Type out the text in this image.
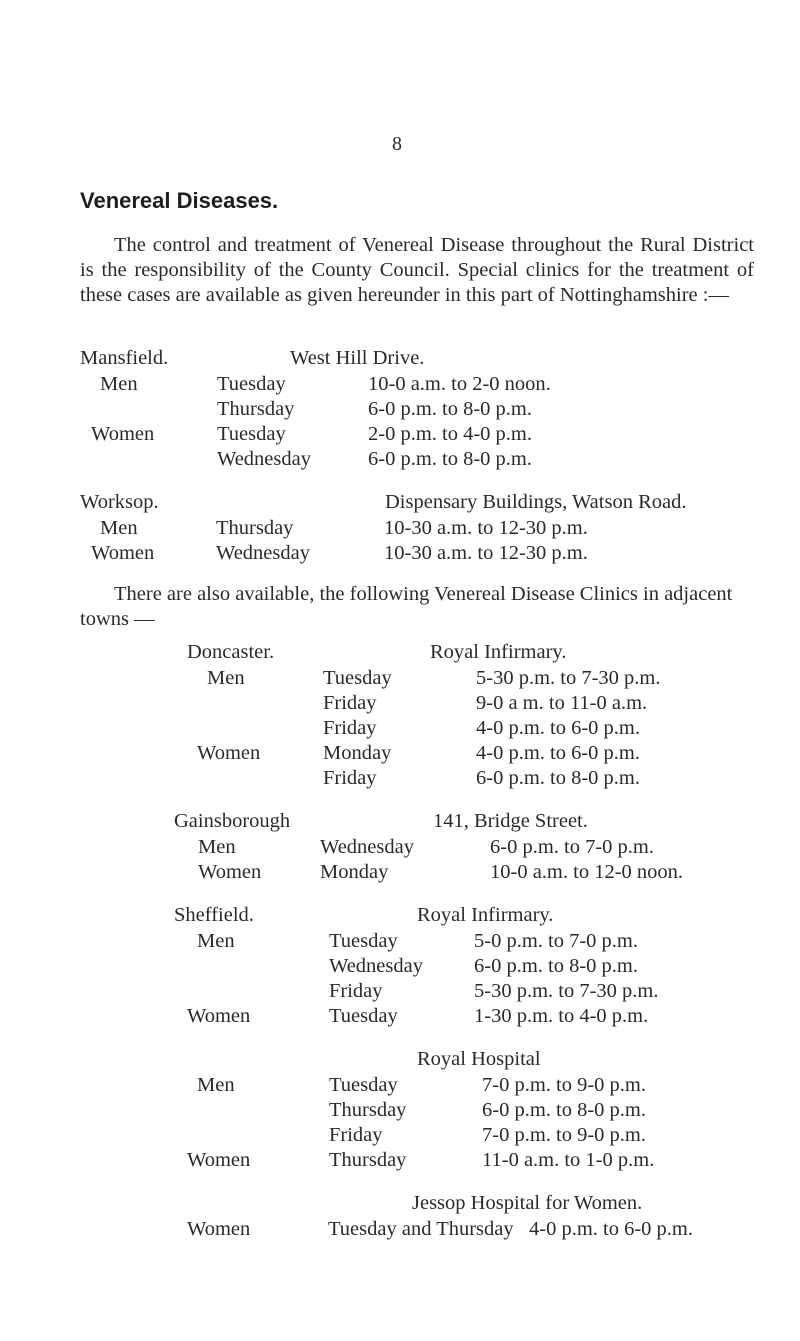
8
Venereal Diseases.
The control and treatment of Venereal Disease throughout the Rural District is the responsibility of the County Council. Special clinics for the treatment of these cases are available as given hereunder in this part of Nottinghamshire :—
Mansfield.	West Hill Drive.
Men	Tuesday	10-0 a.m. to 2-0 noon.
Thursday	6-0 p.m. to 8-0 p.m.
Women	Tuesday	2-0 p.m. to 4-0 p.m.
Wednesday	6-0 p.m. to 8-0 p.m.
Worksop.	Dispensary Buildings, Watson Road.
Men	Thursday	10-30 a.m. to 12-30 p.m.
Women	Wednesday	10-30 a.m. to 12-30 p.m.
There are also available, the following Venereal Disease Clinics in adjacent towns —
Doncaster.	Royal Infirmary.
Men	Tuesday	5-30 p.m. to 7-30 p.m.
Friday	9-0 a m. to 11-0 a.m.
Friday	4-0 p.m. to 6-0 p.m.
Women	Monday	4-0 p.m. to 6-0 p.m.
Friday	6-0 p.m. to 8-0 p.m.
Gainsborough	141, Bridge Street.
Men	Wednesday	6-0 p.m. to 7-0 p.m.
Women	Monday	10-0 a.m. to 12-0 noon.
Sheffield.	Royal Infirmary.
Men	Tuesday	5-0 p.m. to 7-0 p.m.
Wednesday 6-0 p.m. to 8-0 p.m.
Friday	5-30 p.m. to 7-30 p.m.
Women	Tuesday	1-30 p.m. to 4-0 p.m.
Royal Hospital
Men	Tuesday	7-0 p.m. to 9-0 p.m.
Thursday	6-0 p.m. to 8-0 p.m.
Friday	7-0 p.m. to 9-0 p.m.
Women	Thursday	11-0 a.m. to 1-0 p.m.
Jessop Hospital for Women.
Women	Tuesday and Thursday 4-0 p.m. to 6-0 p.m.
